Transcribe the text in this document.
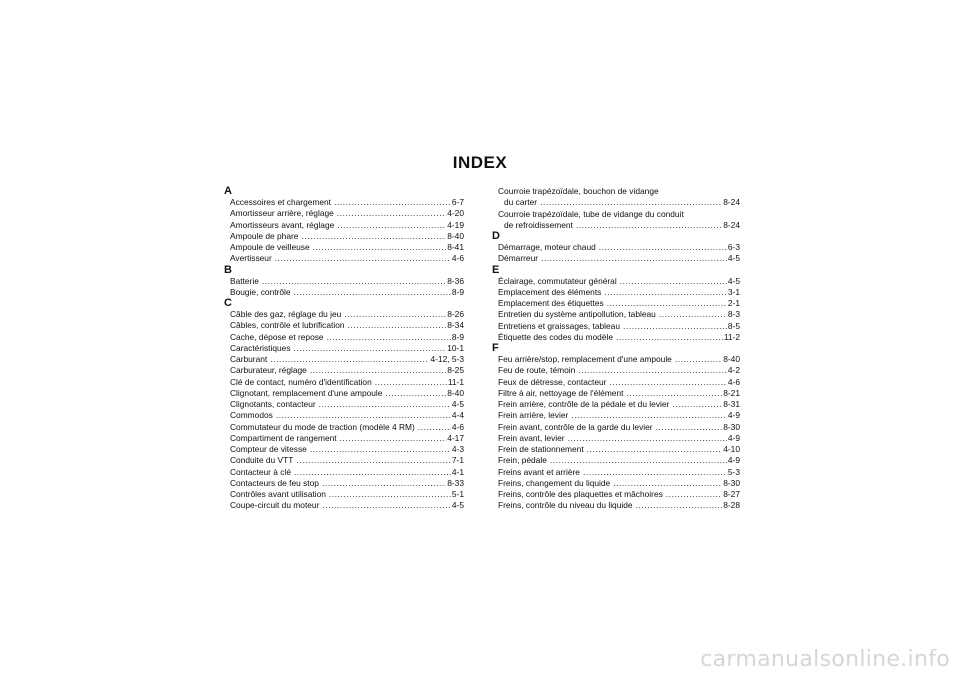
INDEX
A
Accessoires et chargement .....	6-7
Amortisseur arrière, réglage .....	4-20
Amortisseurs avant, réglage .....	4-19
Ampoule de phare .....	8-40
Ampoule de veilleuse .....	8-41
Avertisseur .....	4-6
B
Batterie .....	8-36
Bougie, contrôle .....	8-9
C
Câble des gaz, réglage du jeu .....	8-26
Câbles, contrôle et lubrification .....	8-34
Cache, dépose et repose .....	8-9
Caractéristiques .....	10-1
Carburant .....	4-12, 5-3
Carburateur, réglage .....	8-25
Clé de contact, numéro d'identification .....	11-1
Clignotant, remplacement d'une ampoule .....	8-40
Clignotants, contacteur .....	4-5
Commodos .....	4-4
Commutateur du mode de traction (modèle 4 RM) .....	4-6
Compartiment de rangement .....	4-17
Compteur de vitesse .....	4-3
Conduite du VTT .....	7-1
Contacteur à clé .....	4-1
Contacteurs de feu stop .....	8-33
Contrôles avant utilisation .....	5-1
Coupe-circuit du moteur .....	4-5
Courroie trapézoïdale, bouchon de vidange
du carter .....	8-24
Courroie trapézoïdale, tube de vidange du conduit
de refroidissement .....	8-24
D
Démarrage, moteur chaud .....	6-3
Démarreur .....	4-5
E
Éclairage, commutateur général .....	4-5
Emplacement des éléments .....	3-1
Emplacement des étiquettes .....	2-1
Entretien du système antipollution, tableau .....	8-3
Entretiens et graissages, tableau .....	8-5
Étiquette des codes du modèle .....	11-2
F
Feu arrière/stop, remplacement d'une ampoule .....	8-40
Feu de route, témoin .....	4-2
Feux de détresse, contacteur .....	4-6
Filtre à air, nettoyage de l'élément .....	8-21
Frein arrière, contrôle de la pédale et du levier .....	8-31
Frein arrière, levier .....	4-9
Frein avant, contrôle de la garde du levier .....	8-30
Frein avant, levier .....	4-9
Frein de stationnement .....	4-10
Frein, pédale .....	4-9
Freins avant et arrière .....	5-3
Freins, changement du liquide .....	8-30
Freins, contrôle des plaquettes et mâchoires .....	8-27
Freins, contrôle du niveau du liquide .....	8-28
carmanualsonline.info
